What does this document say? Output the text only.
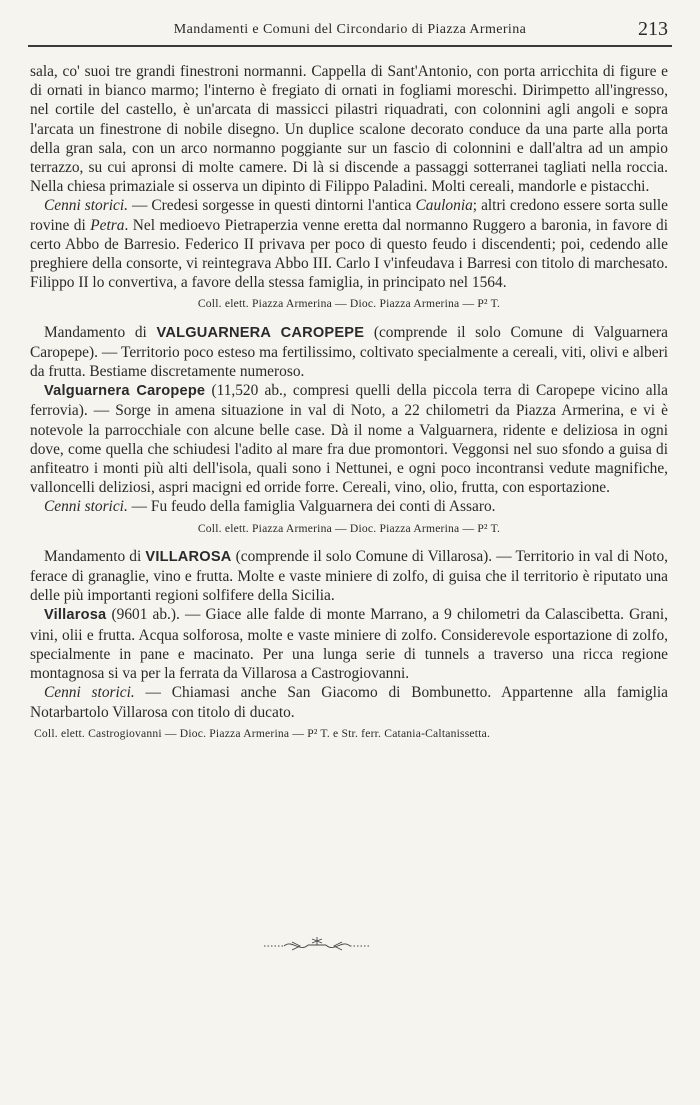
Mandamenti e Comuni del Circondario di Piazza Armerina	213

sala, co' suoi tre grandi finestroni normanni. Cappella di Sant'Antonio, con porta arricchita di figure e di ornati in bianco marmo; l'interno è fregiato di ornati in fogliami moreschi. Dirimpetto all'ingresso, nel cortile del castello, è un'arcata di massicci pilastri riquadrati, con colonnini agli angoli e sopra l'arcata un finestrone di nobile disegno. Un duplice scalone decorato conduce da una parte alla porta della gran sala, con un arco normanno poggiante sur un fascio di colonnini e dall'altra ad un ampio terrazzo, su cui apronsi di molte camere. Di là si discende a passaggi sotterranei tagliati nella roccia. Nella chiesa primaziale si osserva un dipinto di Filippo Paladini. Molti cereali, mandorle e pistacchi.

Cenni storici. — Credesi sorgesse in questi dintorni l'antica Caulonia; altri credono essere sorta sulle rovine di Petra. Nel medioevo Pietraperzia venne eretta dal normanno Ruggero a baronia, in favore di certo Abbo de Barresio. Federico II privava per poco di questo feudo i discendenti; poi, cedendo alle preghiere della consorte, vi reintegrava Abbo III. Carlo I v'infeudava i Barresi con titolo di marchesato. Filippo II lo convertiva, a favore della stessa famiglia, in principato nel 1564.

Coll. elett. Piazza Armerina — Dioc. Piazza Armerina — P² T.

Mandamento di VALGUARNERA CAROPEPE (comprende il solo Comune di Valguarnera Caropepe). — Territorio poco esteso ma fertilissimo, coltivato specialmente a cereali, viti, olivi e alberi da frutta. Bestiame discretamente numeroso.

Valguarnera Caropepe (11,520 ab., compresi quelli della piccola terra di Caropepe vicino alla ferrovia). — Sorge in amena situazione in val di Noto, a 22 chilometri da Piazza Armerina, e vi è notevole la parrocchiale con alcune belle case. Dà il nome a Valguarnera, ridente e deliziosa in ogni dove, come quella che schiudesi l'adito al mare fra due promontori. Veggonsi nel suo sfondo a guisa di anfiteatro i monti più alti dell'isola, quali sono i Nettunei, e ogni poco incontransi vedute magnifiche, valloncelli deliziosi, aspri macigni ed orride forre. Cereali, vino, olio, frutta, con esportazione.

Cenni storici. — Fu feudo della famiglia Valguarnera dei conti di Assaro.

Coll. elett. Piazza Armerina — Dioc. Piazza Armerina — P² T.

Mandamento di VILLAROSA (comprende il solo Comune di Villarosa). — Territorio in val di Noto, ferace di granaglie, vino e frutta. Molte e vaste miniere di zolfo, di guisa che il territorio è riputato una delle più importanti regioni solfifere della Sicilia.

Villarosa (9601 ab.). — Giace alle falde di monte Marrano, a 9 chilometri da Calascibetta. Grani, vini, olii e frutta. Acqua solforosa, molte e vaste miniere di zolfo. Considerevole esportazione di zolfo, specialmente in pane e macinato. Per una lunga serie di tunnels a traverso una ricca regione montagnosa si va per la ferrata da Villarosa a Castrogiovanni.

Cenni storici. — Chiamasi anche San Giacomo di Bombunetto. Appartenne alla famiglia Notarbartolo Villarosa con titolo di ducato.

Coll. elett. Castrogiovanni — Dioc. Piazza Armerina — P² T. e Str. ferr. Catania-Caltanissetta.
